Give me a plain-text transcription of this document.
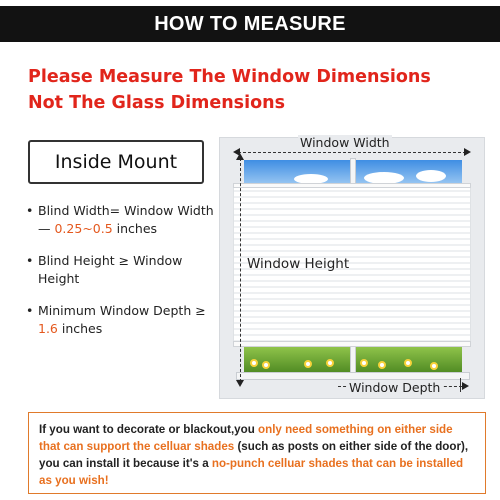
HOW TO MEASURE
Please Measure The Window Dimensions
Not The Glass Dimensions
Inside Mount
• Blind Width= Window Width — 0.25~0.5 inches
• Blind Height ≥ Window Height
• Minimum Window Depth ≥ 1.6 inches
Window Width
Window Height
Window Depth
If you want to decorate or blackout,you only need something on either side that can support the celluar shades (such as posts on either side of the door), you can install it because it's a no-punch celluar shades that can be installed as you wish!
